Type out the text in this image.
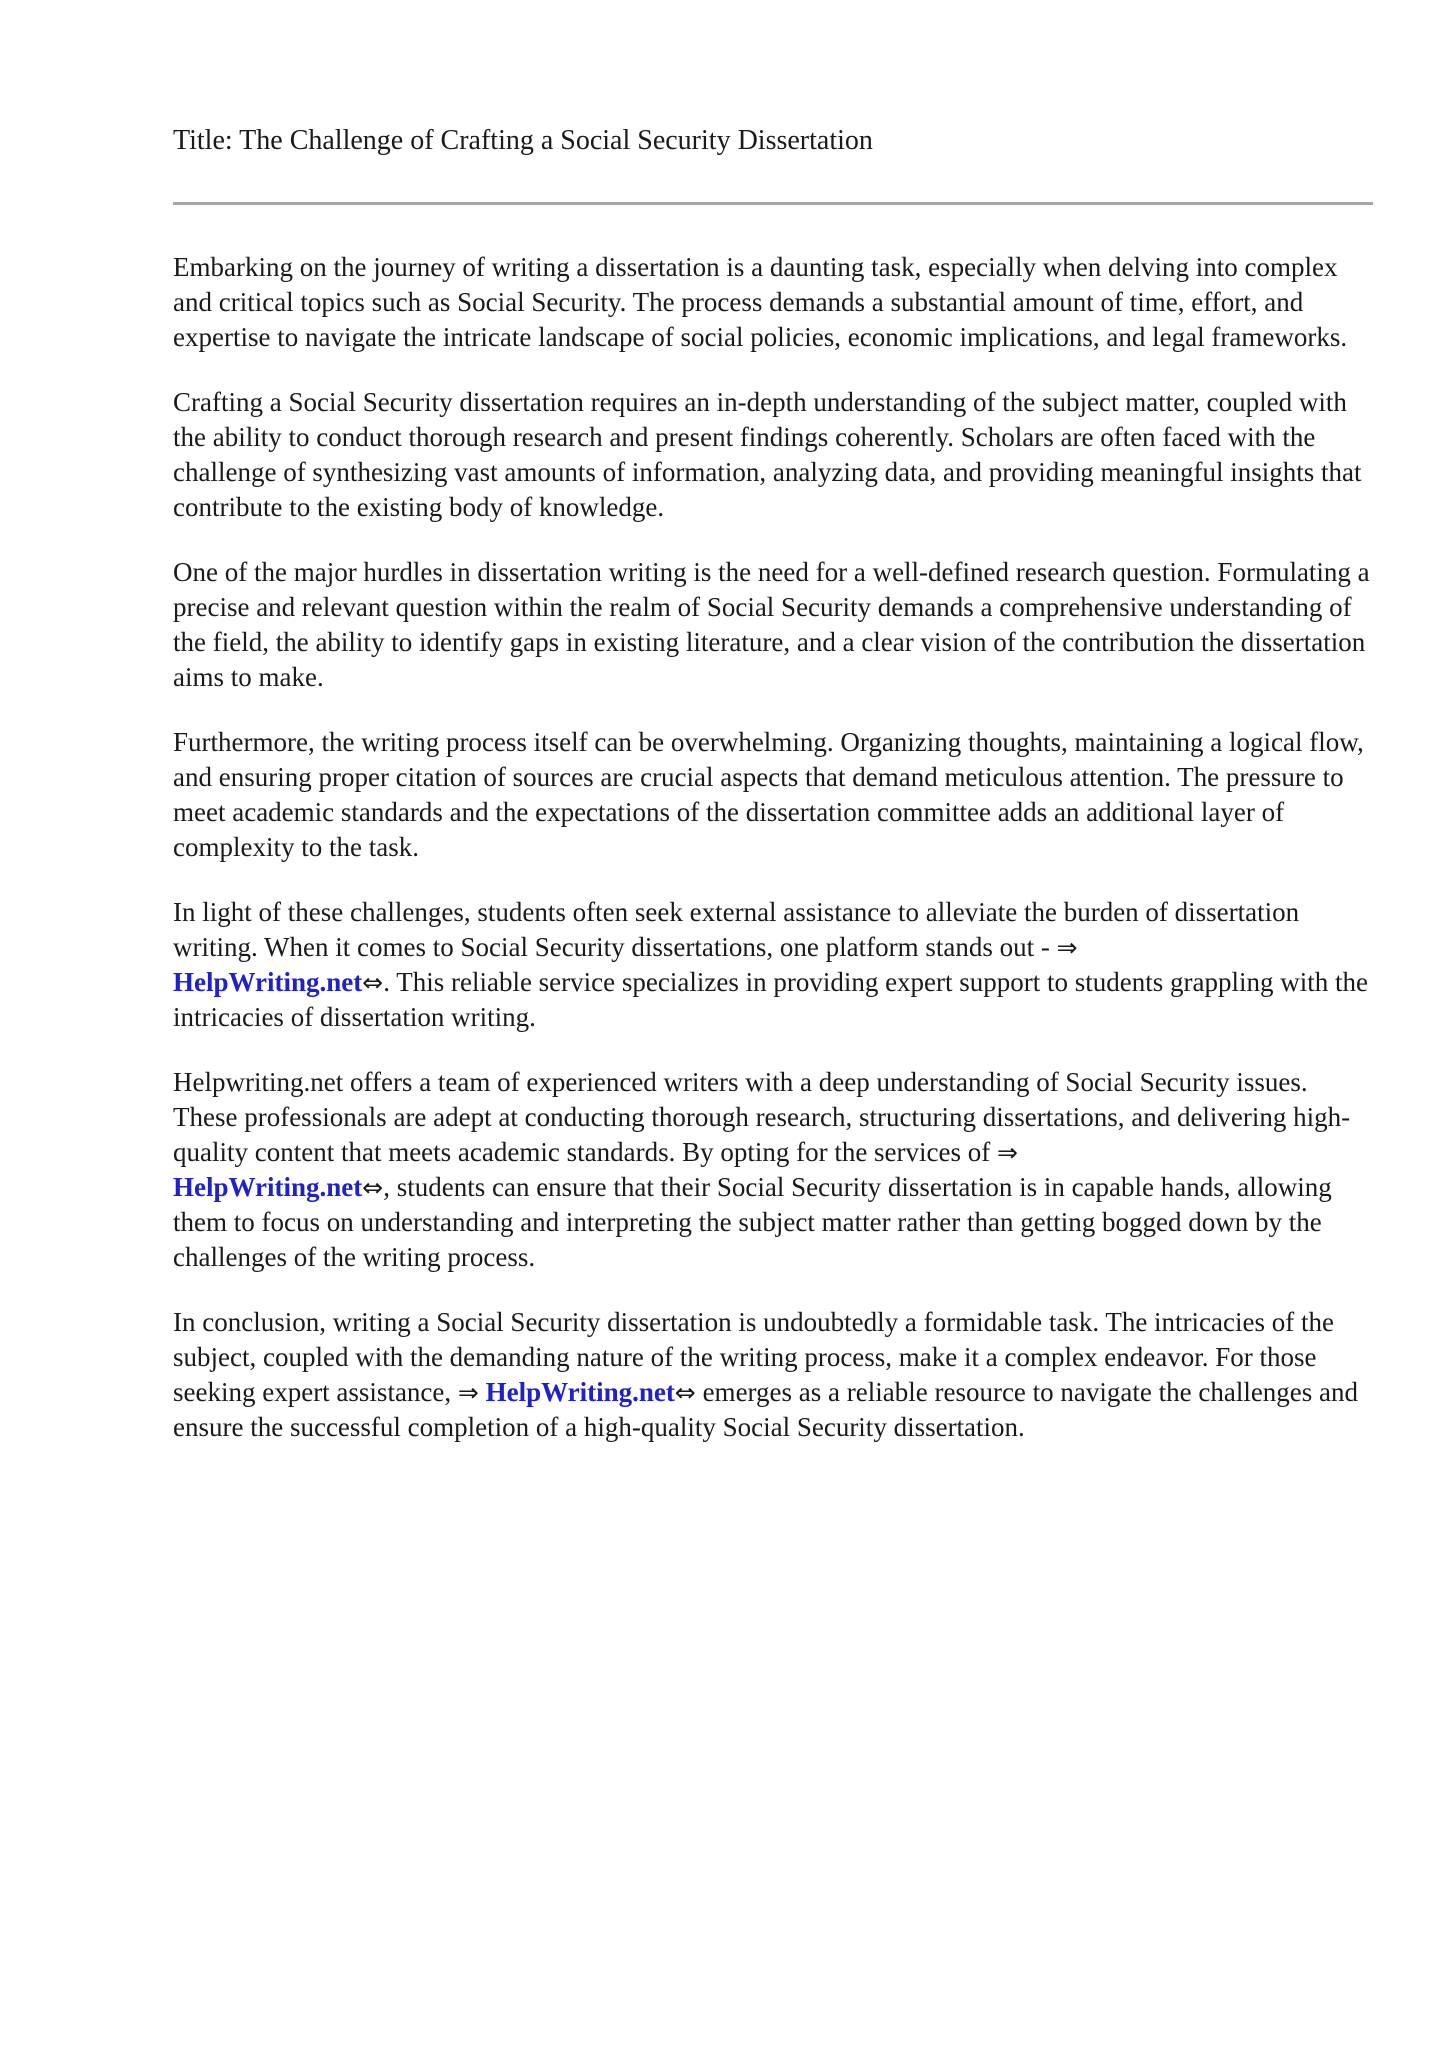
Title: The Challenge of Crafting a Social Security Dissertation

Embarking on the journey of writing a dissertation is a daunting task, especially when delving into complex and critical topics such as Social Security. The process demands a substantial amount of time, effort, and expertise to navigate the intricate landscape of social policies, economic implications, and legal frameworks.

Crafting a Social Security dissertation requires an in-depth understanding of the subject matter, coupled with the ability to conduct thorough research and present findings coherently. Scholars are often faced with the challenge of synthesizing vast amounts of information, analyzing data, and providing meaningful insights that contribute to the existing body of knowledge.

One of the major hurdles in dissertation writing is the need for a well-defined research question. Formulating a precise and relevant question within the realm of Social Security demands a comprehensive understanding of the field, the ability to identify gaps in existing literature, and a clear vision of the contribution the dissertation aims to make.

Furthermore, the writing process itself can be overwhelming. Organizing thoughts, maintaining a logical flow, and ensuring proper citation of sources are crucial aspects that demand meticulous attention. The pressure to meet academic standards and the expectations of the dissertation committee adds an additional layer of complexity to the task.

In light of these challenges, students often seek external assistance to alleviate the burden of dissertation writing. When it comes to Social Security dissertations, one platform stands out - ⇒
HelpWriting.net⇔. This reliable service specializes in providing expert support to students grappling with the intricacies of dissertation writing.

Helpwriting.net offers a team of experienced writers with a deep understanding of Social Security issues. These professionals are adept at conducting thorough research, structuring dissertations, and delivering high-quality content that meets academic standards. By opting for the services of ⇒
HelpWriting.net⇔, students can ensure that their Social Security dissertation is in capable hands, allowing them to focus on understanding and interpreting the subject matter rather than getting bogged down by the challenges of the writing process.

In conclusion, writing a Social Security dissertation is undoubtedly a formidable task. The intricacies of the subject, coupled with the demanding nature of the writing process, make it a complex endeavor. For those seeking expert assistance, ⇒ HelpWriting.net⇔ emerges as a reliable resource to navigate the challenges and ensure the successful completion of a high-quality Social Security dissertation.
